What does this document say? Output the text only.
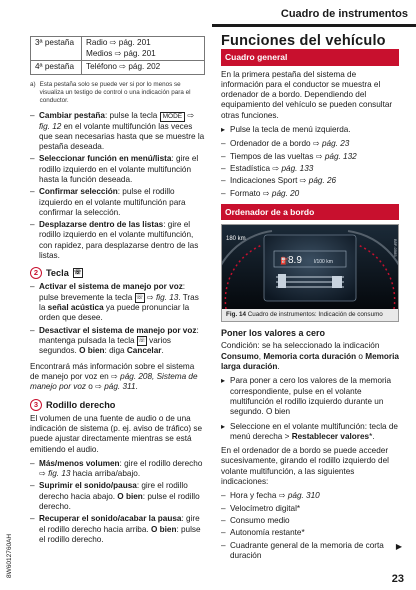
Cuadro de instrumentos
3ª pestaña	Radio ⇨ pág. 201
Medios ⇨ pág. 201

4ª pestaña	Teléfono ⇨ pág. 202
a) Esta pestaña solo se puede ver si por lo menos se visualiza un testigo de control o una indicación para el conductor.
– Cambiar pestaña: pulse la tecla MODE ⇨ fig. 12 en el volante multifunción las veces que sean necesarias hasta que se muestre la pestaña deseada.
– Seleccionar función en menú/lista: gire el rodillo izquierdo en el volante multifunción hasta la función deseada.
– Confirmar selección: pulse el rodillo izquierdo en el volante multifunción para confirmar la selección.
– Desplazarse dentro de las listas: gire el rodillo izquierdo en el volante multifunción, con rapidez, para desplazarse dentro de las listas.
2 Tecla ☏
– Activar el sistema de manejo por voz: pulse brevemente la tecla ☏ ⇨ fig. 13. Tras la señal acústica ya puede pronunciar la orden que desee.
– Desactivar el sistema de manejo por voz: mantenga pulsada la tecla ☏ varios segundos. O bien: diga Cancelar.

Encontrará más información sobre el sistema de manejo por voz en ⇨ pág. 208, Sistema de manejo por voz o ⇨ pág. 311.

3 Rodillo derecho

El volumen de una fuente de audio o de una indicación de sistema (p. ej. aviso de tráfico) se puede ajustar directamente mientras se está emitiendo el audio.

– Más/menos volumen: gire el rodillo derecho ⇨ fig. 13 hacia arriba/abajo.
– Suprimir el sonido/pausa: gire el rodillo derecho hacia abajo. O bien: pulse el rodillo derecho.
– Recuperar el sonido/acabar la pausa: gire el rodillo derecho hacia arriba. O bien: pulse el rodillo derecho.
Funciones del vehículo
Cuadro general

En la primera pestaña del sistema de información para el conductor se muestra el ordenador de a bordo. Dependiendo del equipamiento del vehículo se pueden consultar otras funciones.

▸ Pulse la tecla de menú izquierda.
– Ordenador de a bordo ⇨ pág. 23
– Tiempos de las vueltas ⇨ pág. 132
– Estadística ⇨ pág. 133
– Indicaciones Sport ⇨ pág. 26
– Formato ⇨ pág. 20
Ordenador de a bordo
8.9 l/100 km
180 km
⛽
B5F-0585
Fig. 14 Cuadro de instrumentos: Indicación de consumo
Poner los valores a cero

Condición: se ha seleccionado la indicación Consumo, Memoria corta duración o Memoria larga duración.

▸ Para poner a cero los valores de la memoria correspondiente, pulse en el volante multifunción el rodillo izquierdo durante un segundo. O bien
▸ Seleccione en el volante multifunción: tecla de menú derecha > Restablecer valores*.

En el ordenador de a bordo se puede acceder sucesivamente, girando el rodillo izquierdo del volante multifunción, a las siguientes indicaciones:

– Hora y fecha ⇨ pág. 310
– Velocímetro digital*
– Consumo medio
– Autonomía restante*
– Cuadrante general de la memoria de corta duración
▶
8W6012760AH
23
